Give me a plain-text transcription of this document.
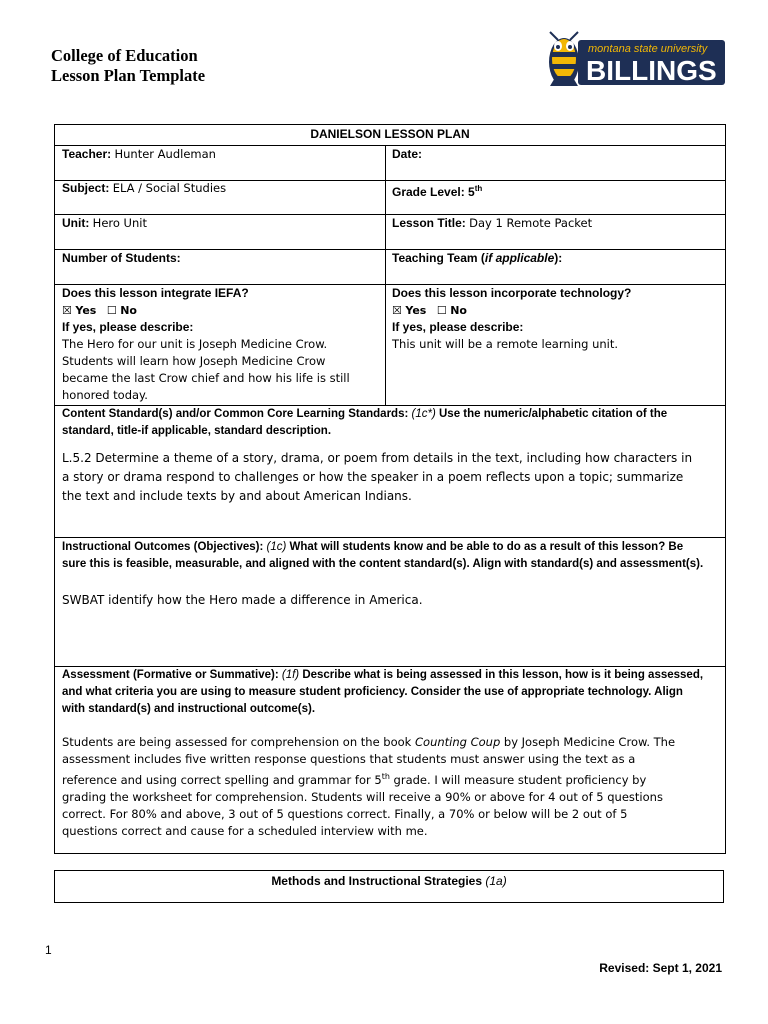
College of Education
Lesson Plan Template
montana state university
BILLINGS
DANIELSON LESSON PLAN
Teacher: Hunter Audleman	Date:
Subject: ELA / Social Studies	Grade Level: 5th
Unit: Hero Unit	Lesson Title: Day 1 Remote Packet
Number of Students:	Teaching Team (if applicable):
Does this lesson integrate IEFA?
☒ Yes ☐ No
If yes, please describe:
The Hero for our unit is Joseph Medicine Crow.
Students will learn how Joseph Medicine Crow
became the last Crow chief and how his life is still
honored today.
Does this lesson incorporate technology?
☒ Yes ☐ No
If yes, please describe:
This unit will be a remote learning unit.
Content Standard(s) and/or Common Core Learning Standards: (1c*) Use the numeric/alphabetic citation of the
standard, title-if applicable, standard description.
L.5.2 Determine a theme of a story, drama, or poem from details in the text, including how characters in
a story or drama respond to challenges or how the speaker in a poem reflects upon a topic; summarize
the text and include texts by and about American Indians.
Instructional Outcomes (Objectives): (1c) What will students know and be able to do as a result of this lesson? Be
sure this is feasible, measurable, and aligned with the content standard(s). Align with standard(s) and assessment(s).
SWBAT identify how the Hero made a difference in America.
Assessment (Formative or Summative): (1f) Describe what is being assessed in this lesson, how is it being assessed,
and what criteria you are using to measure student proficiency. Consider the use of appropriate technology. Align
with standard(s) and instructional outcome(s).
Students are being assessed for comprehension on the book Counting Coup by Joseph Medicine Crow. The
assessment includes five written response questions that students must answer using the text as a
reference and using correct spelling and grammar for 5th grade. I will measure student proficiency by
grading the worksheet for comprehension. Students will receive a 90% or above for 4 out of 5 questions
correct. For 80% and above, 3 out of 5 questions correct. Finally, a 70% or below will be 2 out of 5
questions correct and cause for a scheduled interview with me.
Methods and Instructional Strategies (1a)
1
Revised: Sept 1, 2021
